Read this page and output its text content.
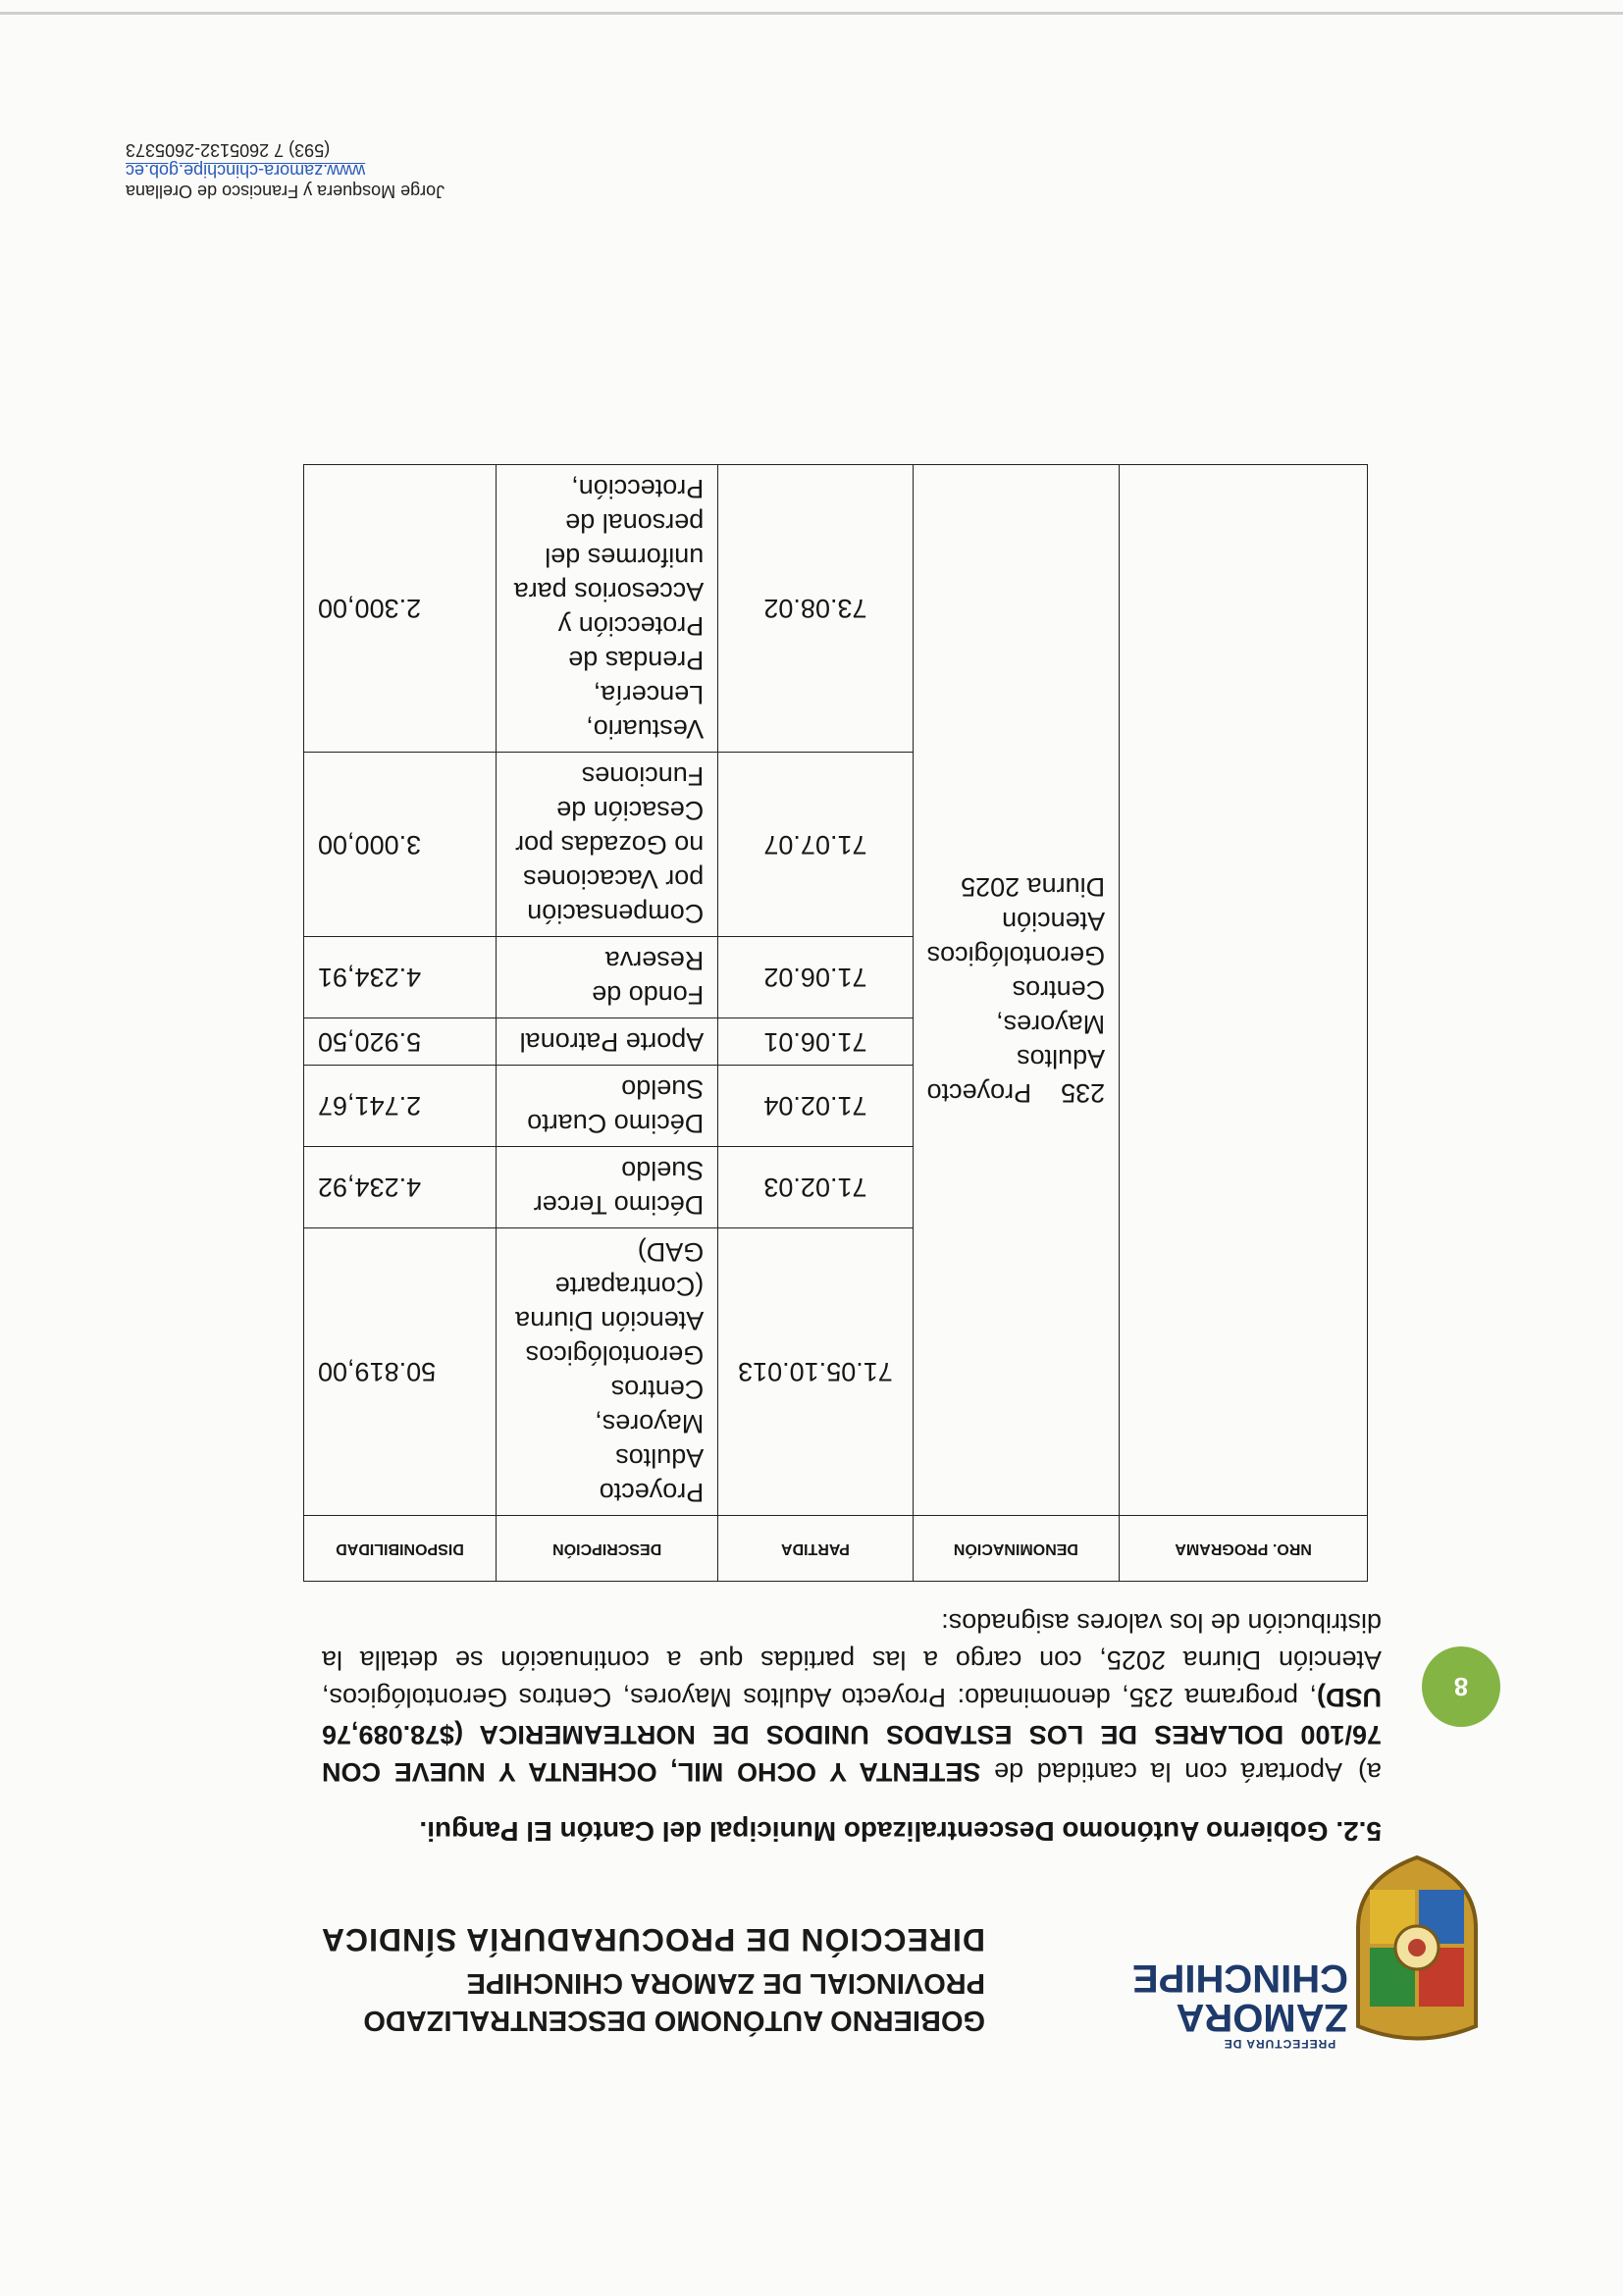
PREFECTURA DE
ZAMORA
CHINCHIPE
GOBIERNO AUTÓNOMO DESCENTRALIZADO
PROVINCIAL DE ZAMORA CHINCHIPE
DIRECCIÓN DE PROCURADURÍA SÍNDICA
8
5.2. Gobierno Autónomo Descentralizado Municipal del Cantón El Pangui.
a)Aportará con la cantidad de SETENTA Y OCHO MIL, OCHENTA Y NUEVE CON 76/100 DOLARES DE LOS ESTADOS UNIDOS DE NORTEAMERICA ($78.089,76 USD), programa 235, denominado: Proyecto Adultos Mayores, Centros Gerontológicos, Atención Diurna 2025, con cargo a las partidas que a continuación se detalla la distribución de los valores asignados:
NRO. PROGRAMA	DENOMINACIÓN	PARTIDA	DESCRIPCIÓN	DISPONIBILIDAD
	235 Proyecto Adultos Mayores, Centros Gerontológicos Atención Diurna 2025	71.05.10.013	Proyecto Adultos Mayores, Centros Gerontológicos Atención Diurna (Contraparte GAD)	50.819,00
		71.02.03	Décimo Tercer Sueldo	4.234,92
		71.02.04	Décimo Cuarto Sueldo	2.741,67
		71.06.01	Aporte Patronal	5.920,50
		71.06.02	Fondo de Reserva	4.234,91
		71.07.07	Compensación por Vacaciones no Gozadas por Cesación de Funciones	3.000,00
		73.08.02	Vestuario, Lencería, Prendas de Protección y Accesorios para uniformes del personal de Protección,	2.300,00
Jorge Mosquera y Francisco de Orellana
www.zamora-chinchipe.gob.ec
(593) 7 2605132-2605373
